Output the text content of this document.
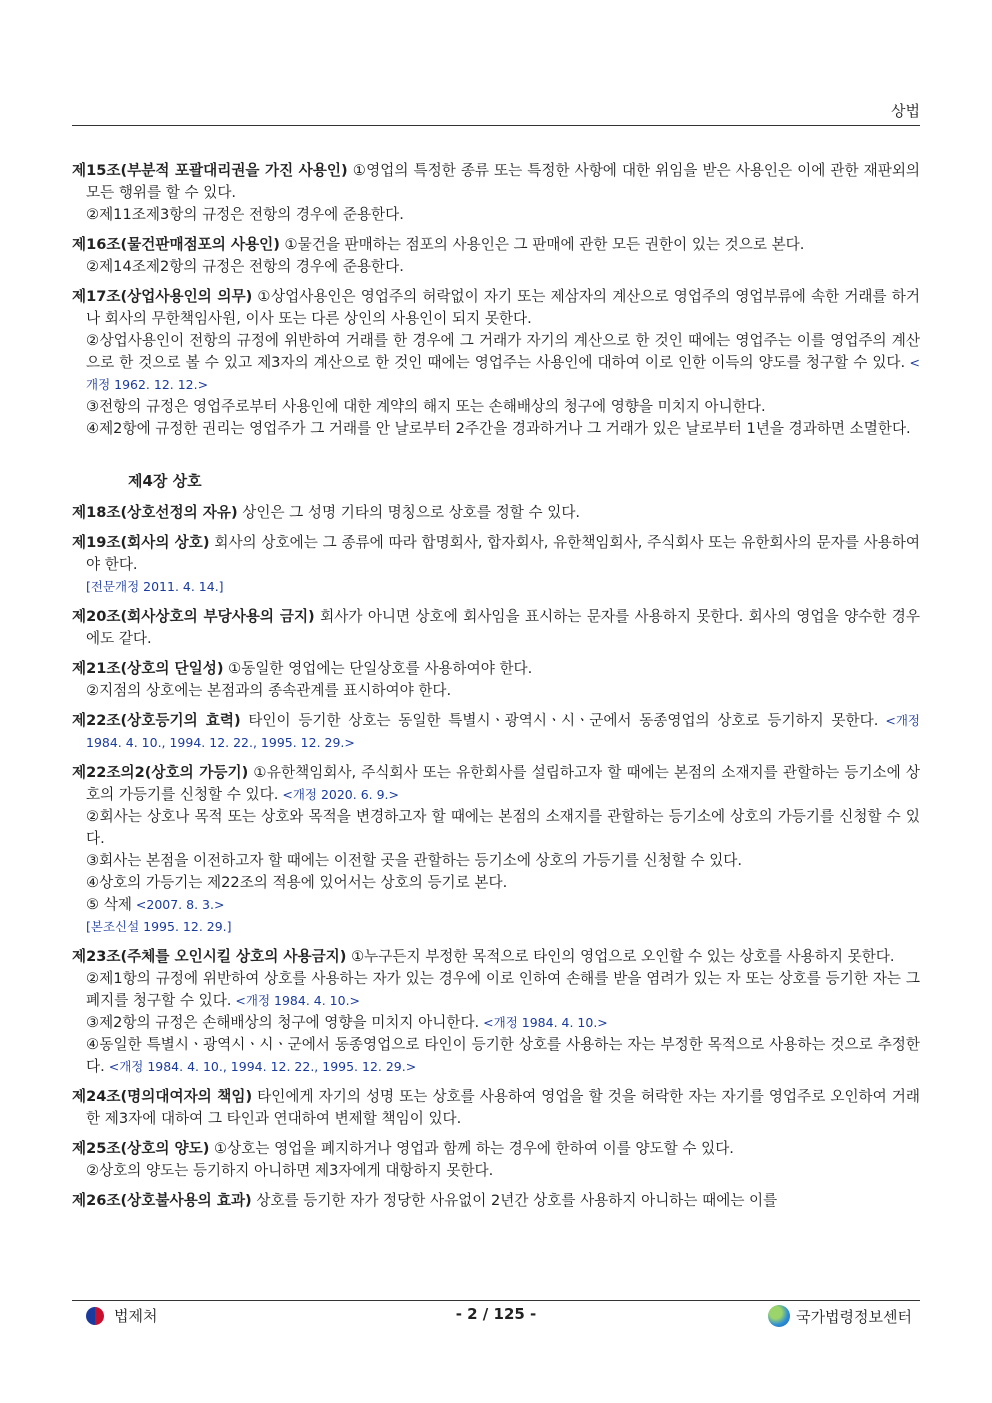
상법

제15조(부분적 포괄대리권을 가진 사용인) ①영업의 특정한 종류 또는 특정한 사항에 대한 위임을 받은 사용인은 이에 관한 재판외의 모든 행위를 할 수 있다.

②제11조제3항의 규정은 전항의 경우에 준용한다.

제16조(물건판매점포의 사용인) ①물건을 판매하는 점포의 사용인은 그 판매에 관한 모든 권한이 있는 것으로 본다.

②제14조제2항의 규정은 전항의 경우에 준용한다.

제17조(상업사용인의 의무) ①상업사용인은 영업주의 허락없이 자기 또는 제삼자의 계산으로 영업주의 영업부류에 속한 거래를 하거나 회사의 무한책임사원, 이사 또는 다른 상인의 사용인이 되지 못한다.

②상업사용인이 전항의 규정에 위반하여 거래를 한 경우에 그 거래가 자기의 계산으로 한 것인 때에는 영업주는 이를 영업주의 계산으로 한 것으로 볼 수 있고 제3자의 계산으로 한 것인 때에는 영업주는 사용인에 대하여 이로 인한 이득의 양도를 청구할 수 있다. <개정 1962. 12. 12.>

③전항의 규정은 영업주로부터 사용인에 대한 계약의 해지 또는 손해배상의 청구에 영향을 미치지 아니한다.

④제2항에 규정한 권리는 영업주가 그 거래를 안 날로부터 2주간을 경과하거나 그 거래가 있은 날로부터 1년을 경과하면 소멸한다.

제4장 상호

제18조(상호선정의 자유) 상인은 그 성명 기타의 명칭으로 상호를 정할 수 있다.

제19조(회사의 상호) 회사의 상호에는 그 종류에 따라 합명회사, 합자회사, 유한책임회사, 주식회사 또는 유한회사의 문자를 사용하여야 한다.

[전문개정 2011. 4. 14.]

제20조(회사상호의 부당사용의 금지) 회사가 아니면 상호에 회사임을 표시하는 문자를 사용하지 못한다. 회사의 영업을 양수한 경우에도 같다.

제21조(상호의 단일성) ①동일한 영업에는 단일상호를 사용하여야 한다.

②지점의 상호에는 본점과의 종속관계를 표시하여야 한다.

제22조(상호등기의 효력) 타인이 등기한 상호는 동일한 특별시ㆍ광역시ㆍ시ㆍ군에서 동종영업의 상호로 등기하지 못한다. <개정 1984. 4. 10., 1994. 12. 22., 1995. 12. 29.>

제22조의2(상호의 가등기) ①유한책임회사, 주식회사 또는 유한회사를 설립하고자 할 때에는 본점의 소재지를 관할하는 등기소에 상호의 가등기를 신청할 수 있다. <개정 2020. 6. 9.>

②회사는 상호나 목적 또는 상호와 목적을 변경하고자 할 때에는 본점의 소재지를 관할하는 등기소에 상호의 가등기를 신청할 수 있다.

③회사는 본점을 이전하고자 할 때에는 이전할 곳을 관할하는 등기소에 상호의 가등기를 신청할 수 있다.

④상호의 가등기는 제22조의 적용에 있어서는 상호의 등기로 본다.

⑤ 삭제 <2007. 8. 3.>

[본조신설 1995. 12. 29.]

제23조(주체를 오인시킬 상호의 사용금지) ①누구든지 부정한 목적으로 타인의 영업으로 오인할 수 있는 상호를 사용하지 못한다.

②제1항의 규정에 위반하여 상호를 사용하는 자가 있는 경우에 이로 인하여 손해를 받을 염려가 있는 자 또는 상호를 등기한 자는 그 폐지를 청구할 수 있다. <개정 1984. 4. 10.>

③제2항의 규정은 손해배상의 청구에 영향을 미치지 아니한다. <개정 1984. 4. 10.>

④동일한 특별시ㆍ광역시ㆍ시ㆍ군에서 동종영업으로 타인이 등기한 상호를 사용하는 자는 부정한 목적으로 사용하는 것으로 추정한다. <개정 1984. 4. 10., 1994. 12. 22., 1995. 12. 29.>

제24조(명의대여자의 책임) 타인에게 자기의 성명 또는 상호를 사용하여 영업을 할 것을 허락한 자는 자기를 영업주로 오인하여 거래한 제3자에 대하여 그 타인과 연대하여 변제할 책임이 있다.

제25조(상호의 양도) ①상호는 영업을 폐지하거나 영업과 함께 하는 경우에 한하여 이를 양도할 수 있다.

②상호의 양도는 등기하지 아니하면 제3자에게 대항하지 못한다.

제26조(상호불사용의 효과) 상호를 등기한 자가 정당한 사유없이 2년간 상호를 사용하지 아니하는 때에는 이를

법제처	- 2 / 125 -	국가법령정보센터
